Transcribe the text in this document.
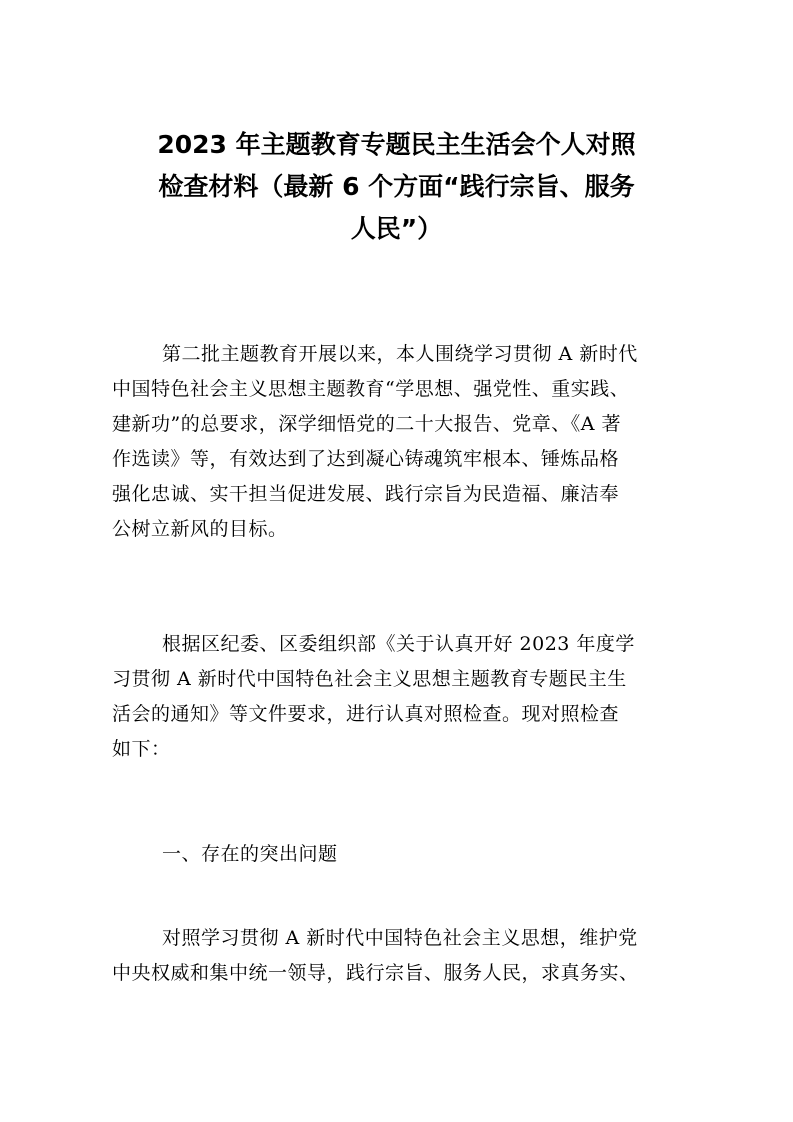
2023 年主题教育专题民主生活会个人对照
检查材料（最新 6 个方面“践行宗旨、服务
人民”）

第二批主题教育开展以来，本人围绕学习贯彻 A 新时代
中国特色社会主义思想主题教育“学思想、强党性、重实践、
建新功”的总要求，深学细悟党的二十大报告、党章、《A 著
作选读》等，有效达到了达到凝心铸魂筑牢根本、锤炼品格
强化忠诚、实干担当促进发展、践行宗旨为民造福、廉洁奉
公树立新风的目标。

根据区纪委、区委组织部《关于认真开好 2023 年度学
习贯彻 A 新时代中国特色社会主义思想主题教育专题民主生
活会的通知》等文件要求，进行认真对照检查。现对照检查
如下：

一、存在的突出问题

对照学习贯彻 A 新时代中国特色社会主义思想，维护党
中央权威和集中统一领导，践行宗旨、服务人民，求真务实、
